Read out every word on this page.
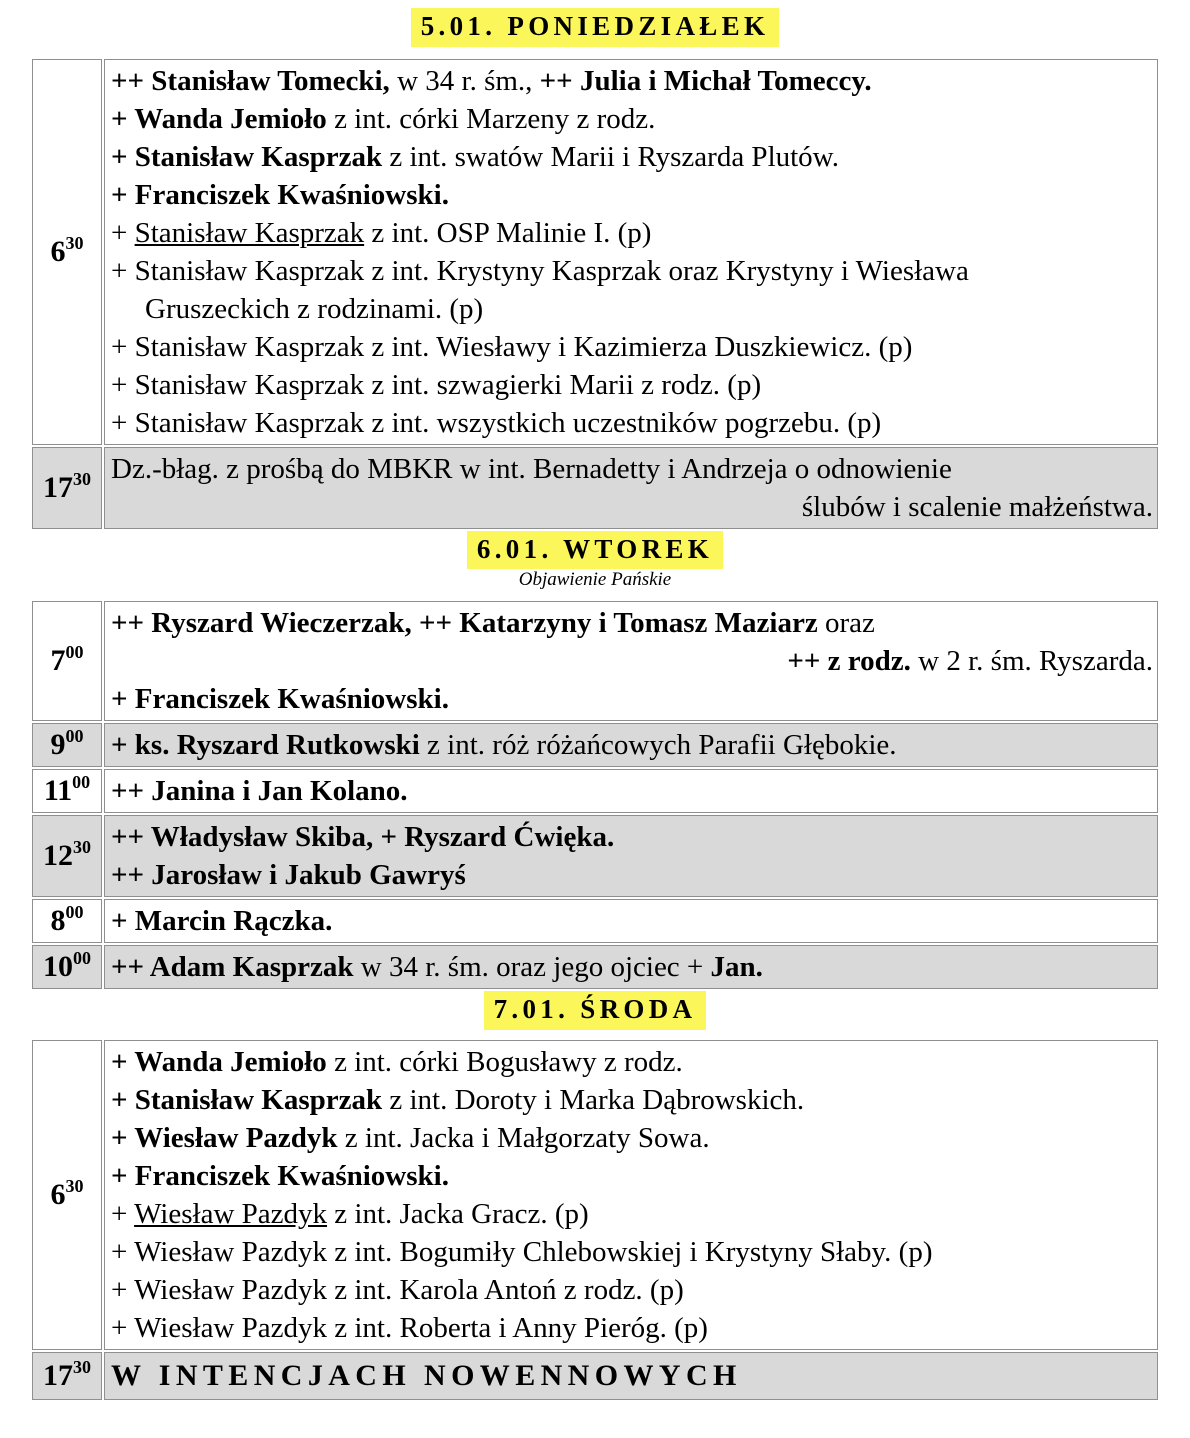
5.01. PONIEDZIAŁEK
$6^{30}$	
++ Stanisław Tomecki, w 34 r. śm., ++ Julia i Michał Tomeccy.
+ Wanda Jemioło z int. córki Marzeny z rodz.
+ Stanisław Kasprzak z int. swatów Marii i Ryszarda Plutów.
+ Franciszek Kwaśniowski.
+ Stanisław Kasprzak z int. OSP Malinie I. (p)
+ Stanisław Kasprzak z int. Krystyny Kasprzak oraz Krystyny i Wiesława
Gruszeckich z rodzinami. (p)
+ Stanisław Kasprzak z int. Wiesławy i Kazimierza Duszkiewicz. (p)
+ Stanisław Kasprzak z int. szwagierki Marii z rodz. (p)
+ Stanisław Kasprzak z int. wszystkich uczestników pogrzebu. (p)

$17^{30}$	Dz.-błag. z prośbą do MBKR w int. Bernadetty i Andrzeja o odnowienie
ślubów i scalenie małżeństwa.
6.01. WTOREK
Objawienie Pańskie
$7^{00}$	++ Ryszard Wieczerzak, ++ Katarzyny i Tomasz Maziarz oraz
++ z rodz. w 2 r. śm. Ryszarda.
+ Franciszek Kwaśniowski.

$9^{00}$	+ ks. Ryszard Rutkowski z int. róż różańcowych Parafii Głębokie.

$11^{00}$	++ Janina i Jan Kolano.

$12^{30}$	++ Władysław Skiba, + Ryszard Ćwięka.
++ Jarosław i Jakub Gawryś

$8^{00}$	+ Marcin Rączka.

$10^{00}$	++ Adam Kasprzak w 34 r. śm. oraz jego ojciec + Jan.
7.01. ŚRODA
$6^{30}$	
+ Wanda Jemioło z int. córki Bogusławy z rodz.
+ Stanisław Kasprzak z int. Doroty i Marka Dąbrowskich.
+ Wiesław Pazdyk z int. Jacka i Małgorzaty Sowa.
+ Franciszek Kwaśniowski.
+ Wiesław Pazdyk z int. Jacka Gracz. (p)
+ Wiesław Pazdyk z int. Bogumiły Chlebowskiej i Krystyny Słaby. (p)
+ Wiesław Pazdyk z int. Karola Antoń z rodz. (p)
+ Wiesław Pazdyk z int. Roberta i Anny Pieróg. (p)

$17^{30}$	W INTENCJACH NOWENNOWYCH
